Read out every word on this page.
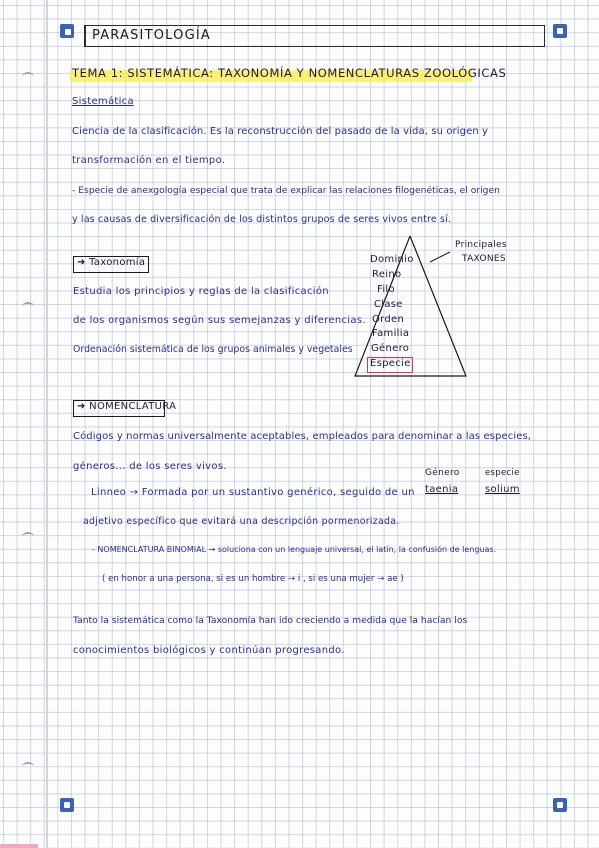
PARASITOLOGÍA
TEMA 1: SISTEMÁTICA: TAXONOMÍA Y NOMENCLATURAS ZOOLÓGICAS
Sistemática
Ciencia de la clasificación. Es la reconstrucción del pasado de la vida, su origen y
transformación en el tiempo.
- Especie de anexgología especial que trata de explicar las relaciones filogenéticas, el origen
y las causas de diversificación de los distintos grupos de seres vivos entre sí.
➜ Taxonomía
Estudia los principios y reglas de la clasificación
de los organismos según sus semejanzas y diferencias.
Ordenación sistemática de los grupos animales y vegetales
Dominio
Reino
Filo
Clase
Orden
Familia
Género
Especie
Principales
TAXONES
➜ NOMENCLATURA
Códigos y normas universalmente aceptables, empleados para denominar a las especies,
géneros... de los seres vivos.
Linneo → Formada por un sustantivo genérico, seguido de un
adjetivo específico que evitará una descripción pormenorizada.
Género	especie
taenia	solium
- NOMENCLATURA BINOMIAL → soluciona con un lenguaje universal, el latín, la confusión de lenguas.
( en honor a una persona, si es un hombre → i , si es una mujer → ae )
Tanto la sistemática como la Taxonomía han ido creciendo a medida que la hacían los
conocimientos biológicos y continúan progresando.
